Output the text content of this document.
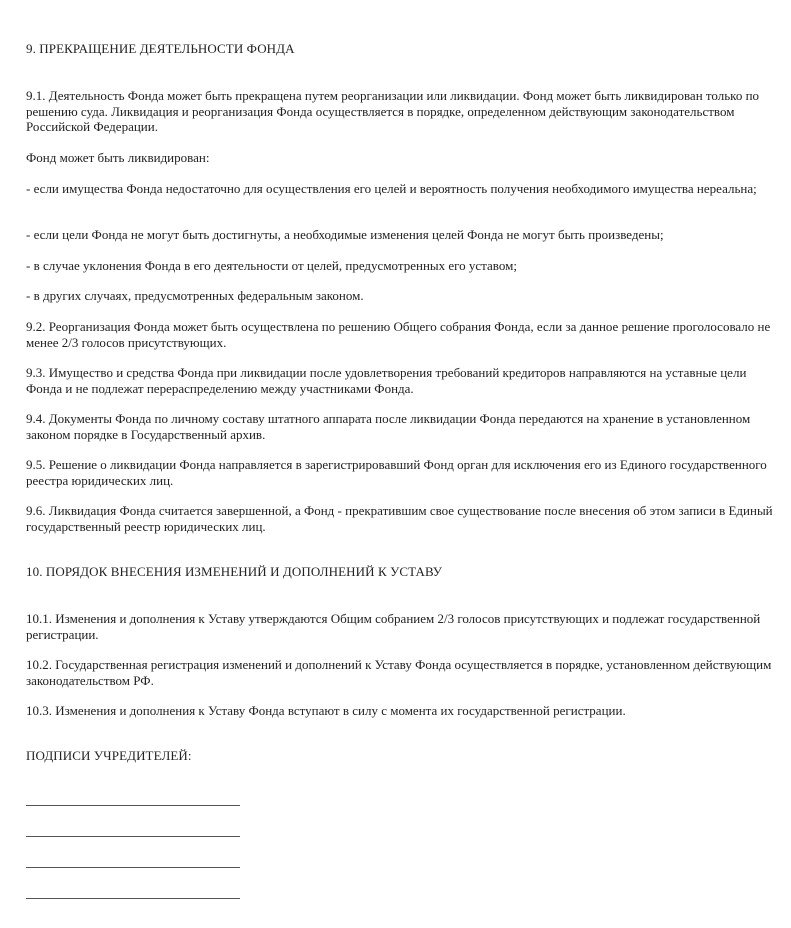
9. ПРЕКРАЩЕНИЕ ДЕЯТЕЛЬНОСТИ ФОНДА

9.1. Деятельность Фонда может быть прекращена путем реорганизации или ликвидации. Фонд может быть ликвидирован только по решению суда. Ликвидация и реорганизация Фонда осуществляется в порядке, определенном действующим законодательством Российской Федерации.

Фонд может быть ликвидирован:

- если имущества Фонда недостаточно для осуществления его целей и вероятность получения необходимого имущества нереальна;

- если цели Фонда не могут быть достигнуты, а необходимые изменения целей Фонда не могут быть произведены;

- в случае уклонения Фонда в его деятельности от целей, предусмотренных его уставом;

- в других случаях, предусмотренных федеральным законом.

9.2. Реорганизация Фонда может быть осуществлена по решению Общего собрания Фонда, если за данное решение проголосовало не менее 2/3 голосов присутствующих.

9.3. Имущество и средства Фонда при ликвидации после удовлетворения требований кредиторов направляются на уставные цели Фонда и не подлежат перераспределению между участниками Фонда.

9.4. Документы Фонда по личному составу штатного аппарата после ликвидации Фонда передаются на хранение в установленном законом порядке в Государственный архив.

9.5. Решение о ликвидации Фонда направляется в зарегистрировавший Фонд орган для исключения его из Единого государственного реестра юридических лиц.

9.6. Ликвидация Фонда считается завершенной, а Фонд - прекратившим свое существование после внесения об этом записи в Единый государственный реестр юридических лиц.

10. ПОРЯДОК ВНЕСЕНИЯ ИЗМЕНЕНИЙ И ДОПОЛНЕНИЙ К УСТАВУ

10.1. Изменения и дополнения к Уставу утверждаются Общим собранием 2/3 голосов присутствующих и подлежат государственной регистрации.

10.2. Государственная регистрация изменений и дополнений к Уставу Фонда осуществляется в порядке, установленном действующим законодательством РФ.

10.3. Изменения и дополнения к Уставу Фонда вступают в силу с момента их государственной регистрации.

ПОДПИСИ УЧРЕДИТЕЛЕЙ:
